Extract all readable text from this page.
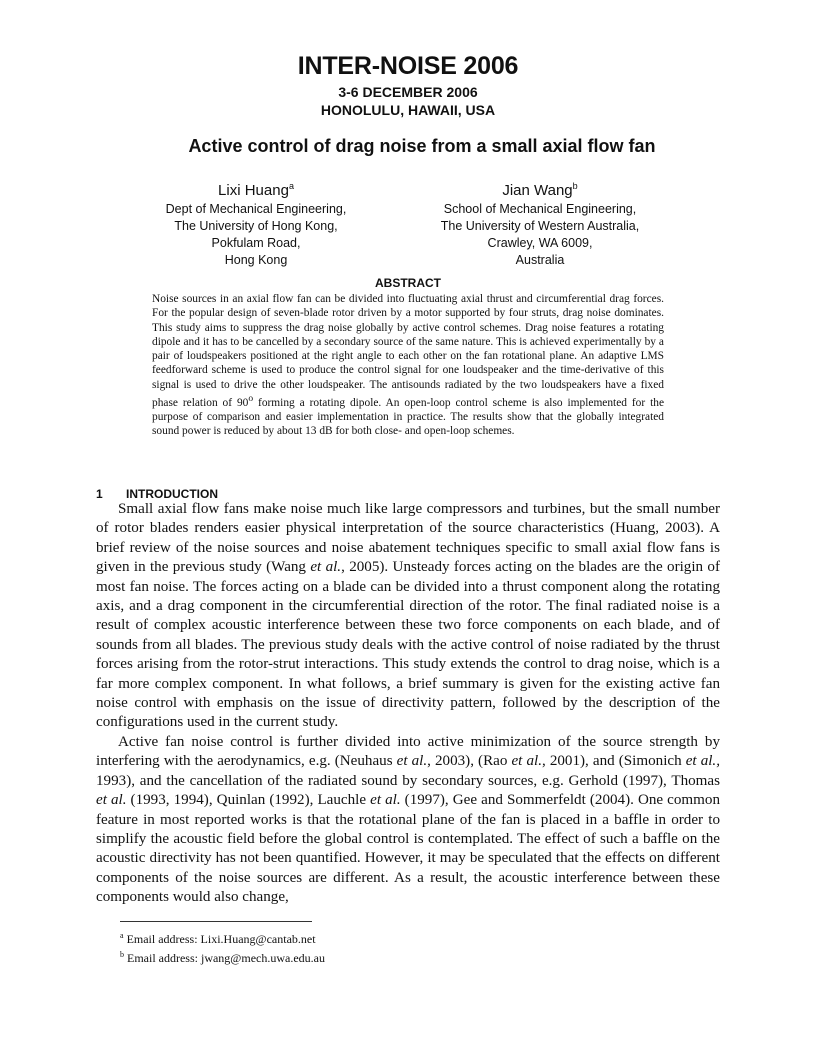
INTER-NOISE 2006
3-6 DECEMBER 2006
HONOLULU, HAWAII, USA
Active control of drag noise from a small axial flow fan
Lixi Huang$^a$
Dept of Mechanical Engineering,
The University of Hong Kong,
Pokfulam Road,
Hong Kong
Jian Wang$^b$
School of Mechanical Engineering,
The University of Western Australia,
Crawley, WA 6009,
Australia
ABSTRACT
Noise sources in an axial flow fan can be divided into fluctuating axial thrust and circumferential drag forces. For the popular design of seven-blade rotor driven by a motor supported by four struts, drag noise dominates. This study aims to suppress the drag noise globally by active control schemes. Drag noise features a rotating dipole and it has to be cancelled by a secondary source of the same nature. This is achieved experimentally by a pair of loudspeakers positioned at the right angle to each other on the fan rotational plane. An adaptive LMS feedforward scheme is used to produce the control signal for one loudspeaker and the time-derivative of this signal is used to drive the other loudspeaker. The antisounds radiated by the two loudspeakers have a fixed phase relation of 90$^o$ forming a rotating dipole. An open-loop control scheme is also implemented for the purpose of comparison and easier implementation in practice. The results show that the globally integrated sound power is reduced by about 13 dB for both close- and open-loop schemes.
1 INTRODUCTION

Small axial flow fans make noise much like large compressors and turbines, but the small number of rotor blades renders easier physical interpretation of the source characteristics (Huang, 2003). A brief review of the noise sources and noise abatement techniques specific to small axial flow fans is given in the previous study (Wang et al., 2005). Unsteady forces acting on the blades are the origin of most fan noise. The forces acting on a blade can be divided into a thrust component along the rotating axis, and a drag component in the circumferential direction of the rotor. The final radiated noise is a result of complex acoustic interference between these two force components on each blade, and of sounds from all blades. The previous study deals with the active control of noise radiated by the thrust forces arising from the rotor-strut interactions. This study extends the control to drag noise, which is a far more complex component. In what follows, a brief summary is given for the existing active fan noise control with emphasis on the issue of directivity pattern, followed by the description of the configurations used in the current study.

Active fan noise control is further divided into active minimization of the source strength by interfering with the aerodynamics, e.g. (Neuhaus et al., 2003), (Rao et al., 2001), and (Simonich et al., 1993), and the cancellation of the radiated sound by secondary sources, e.g. Gerhold (1997), Thomas et al. (1993, 1994), Quinlan (1992), Lauchle et al. (1997), Gee and Sommerfeldt (2004). One common feature in most reported works is that the rotational plane of the fan is placed in a baffle in order to simplify the acoustic field before the global control is contemplated. The effect of such a baffle on the acoustic directivity has not been quantified. However, it may be speculated that the effects on different components of the noise sources are different. As a result, the acoustic interference between these components would also change,

$^a$ Email address: Lixi.Huang@cantab.net
$^b$ Email address: jwang@mech.uwa.edu.au
